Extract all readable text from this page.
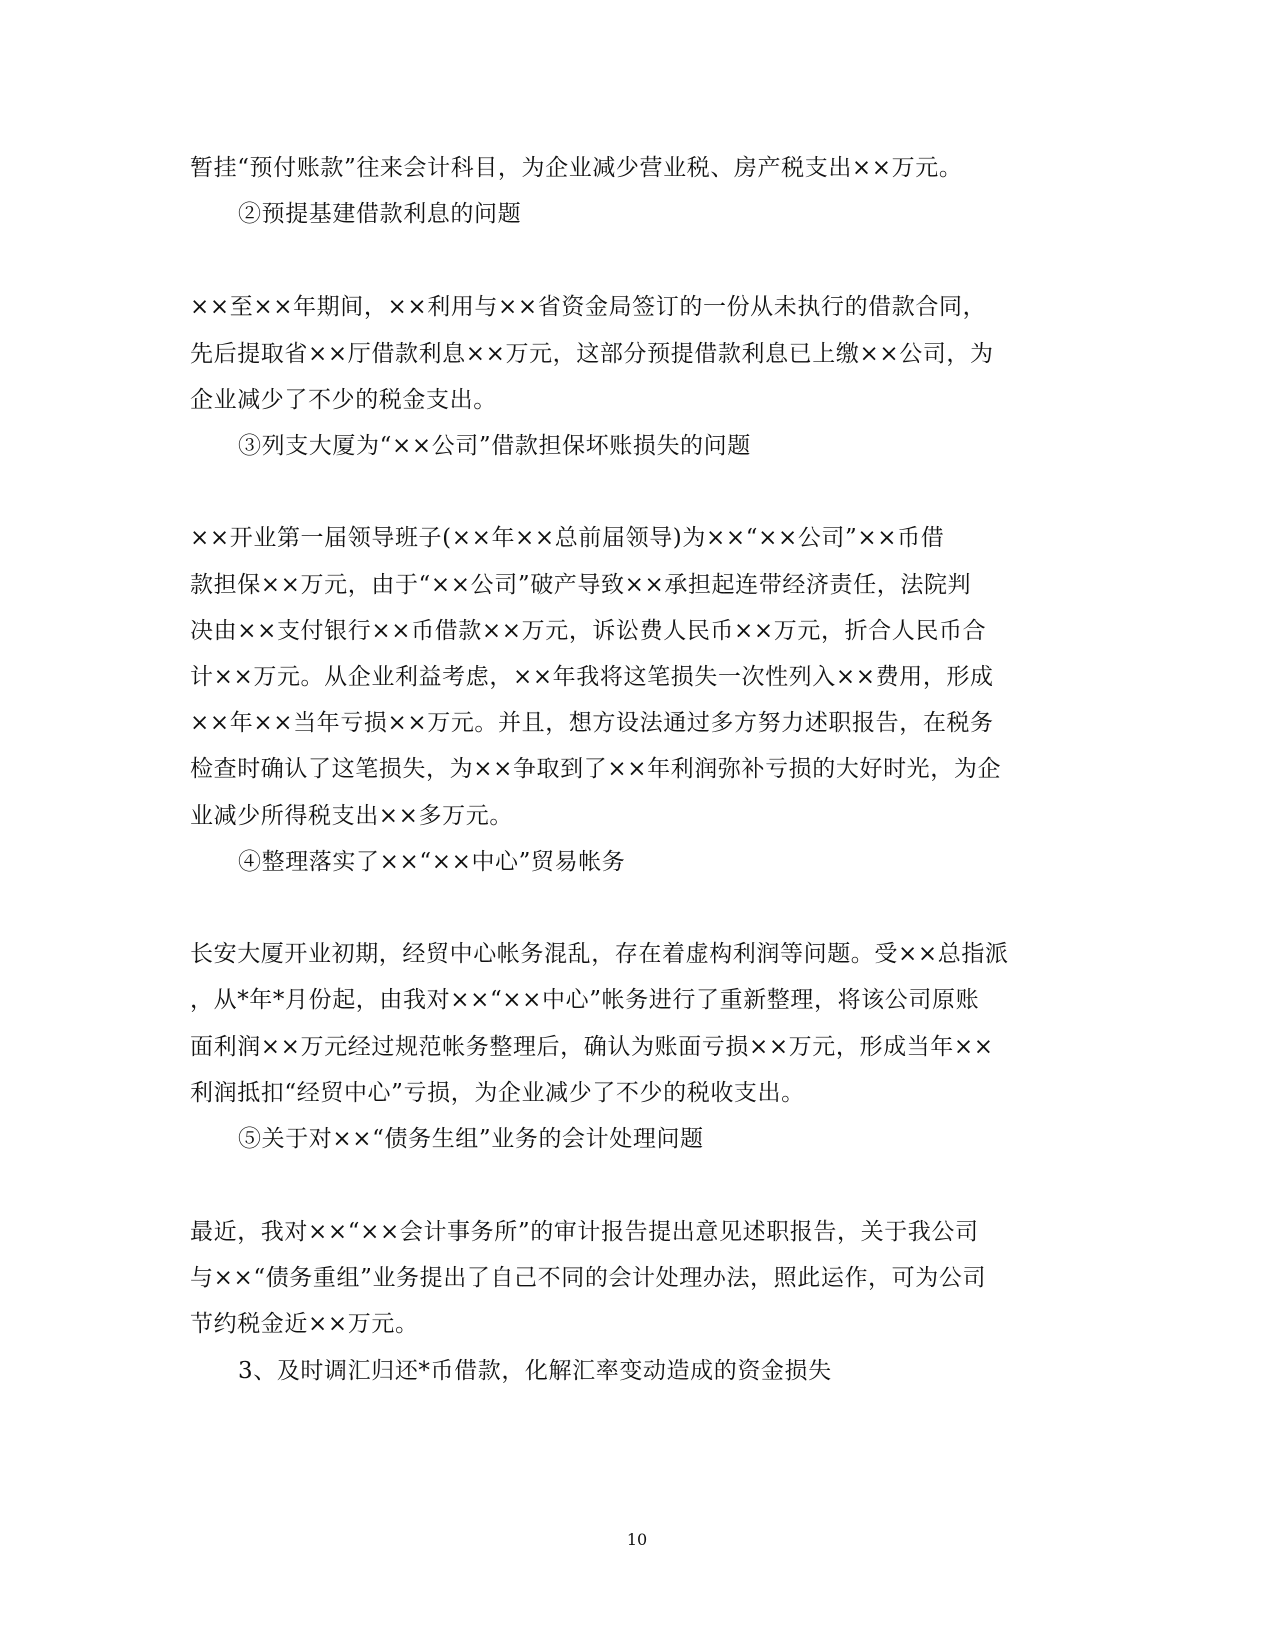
暂挂“预付账款”往来会计科目，为企业减少营业税、房产税支出××万元。
②预提基建借款利息的问题
××至××年期间，××利用与××省资金局签订的一份从未执行的借款合同，
先后提取省××厅借款利息××万元，这部分预提借款利息已上缴××公司，为
企业减少了不少的税金支出。
③列支大厦为“××公司”借款担保坏账损失的问题
××开业第一届领导班子(××年××总前届领导)为××“××公司”××币借
款担保××万元，由于“××公司”破产导致××承担起连带经济责任，法院判
决由××支付银行××币借款××万元，诉讼费人民币××万元，折合人民币合
计××万元。从企业利益考虑，××年我将这笔损失一次性列入××费用，形成
××年××当年亏损××万元。并且，想方设法通过多方努力述职报告，在税务
检查时确认了这笔损失，为××争取到了××年利润弥补亏损的大好时光，为企
业减少所得税支出××多万元。
④整理落实了××“××中心”贸易帐务
长安大厦开业初期，经贸中心帐务混乱，存在着虚构利润等问题。受××总指派
，从*年*月份起，由我对××“××中心”帐务进行了重新整理，将该公司原账
面利润××万元经过规范帐务整理后，确认为账面亏损××万元，形成当年××
利润抵扣“经贸中心”亏损，为企业减少了不少的税收支出。
⑤关于对××“债务生组”业务的会计处理问题
最近，我对××“××会计事务所”的审计报告提出意见述职报告，关于我公司
与××“债务重组”业务提出了自己不同的会计处理办法，照此运作，可为公司
节约税金近××万元。
3、及时调汇归还*币借款，化解汇率变动造成的资金损失
10
